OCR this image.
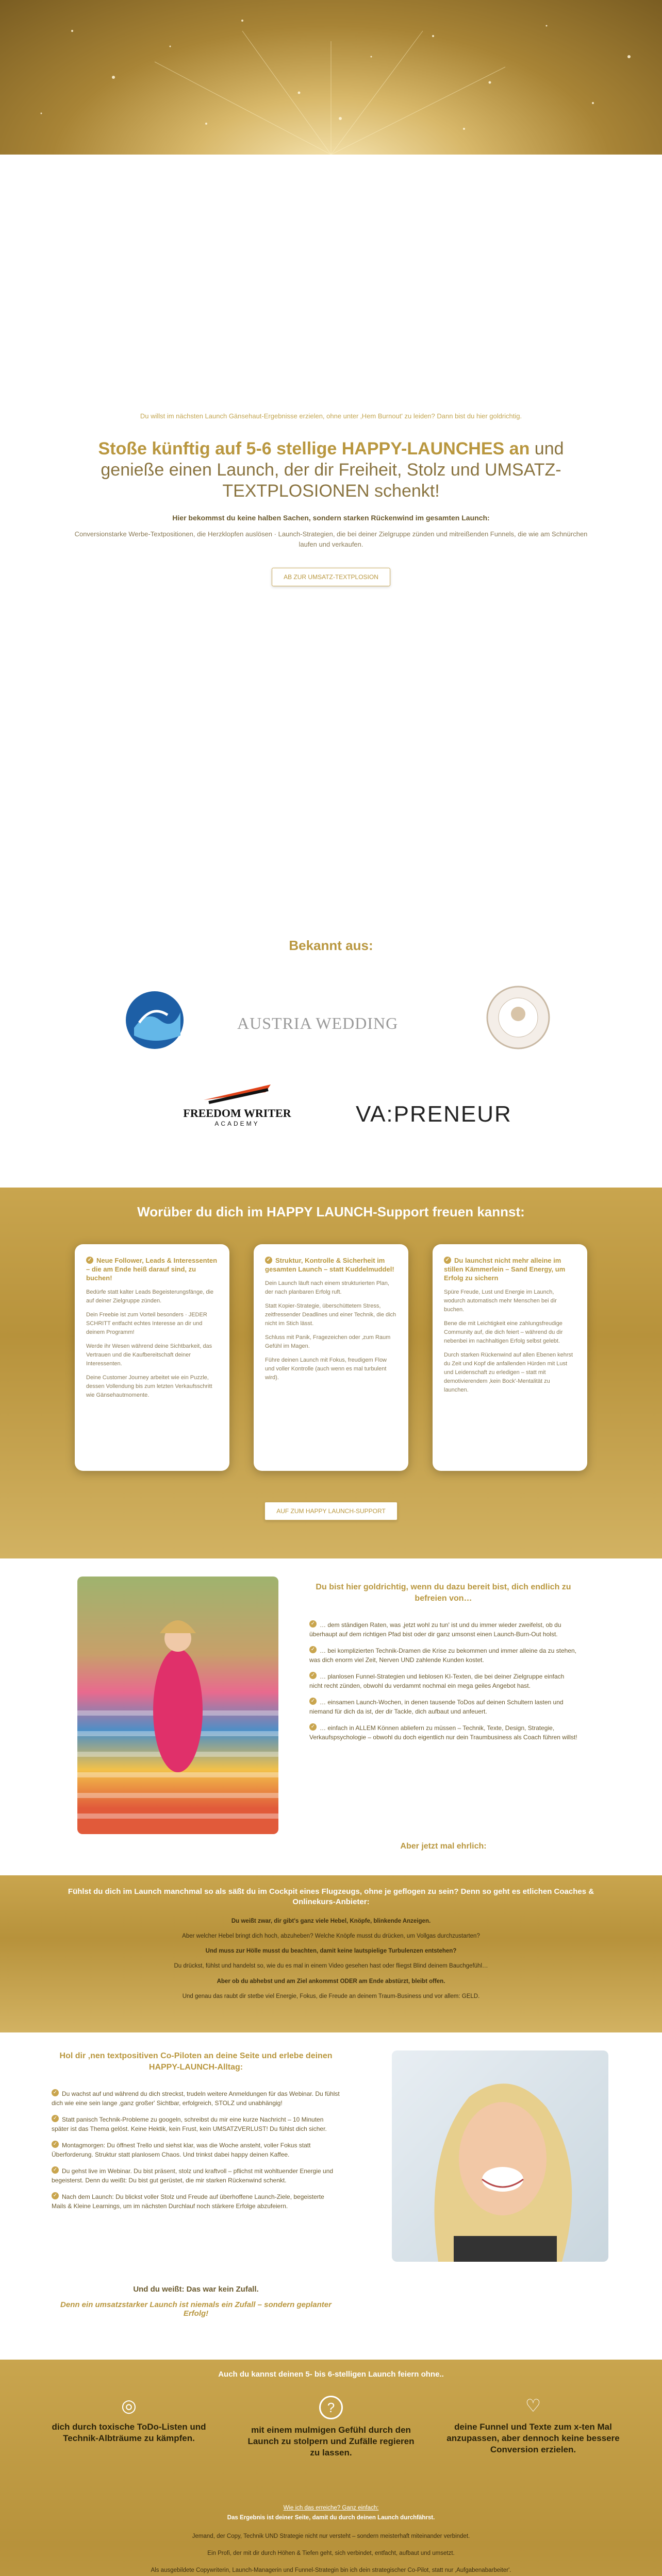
Du willst im nächsten Launch Gänsehaut-Ergebnisse erzielen, ohne unter ‚Hem Burnout' zu leiden? Dann bist du hier goldrichtig.

Stoße künftig auf 5-6 stellige HAPPY-LAUNCHES an und genieße einen Launch, der dir Freiheit, Stolz und UMSATZ-TEXTPLOSIONEN schenkt!

Hier bekommst du keine halben Sachen, sondern starken Rückenwind im gesamten Launch:

Conversionstarke Werbe-Textpositionen, die Herzklopfen auslösen · Launch-Strategien, die bei deiner Zielgruppe zünden und mitreißenden Funnels, die wie am Schnürchen laufen und verkaufen.

AB ZUR UMSATZ-TEXTPLOSION
Bekannt aus:
AUSTRIA WEDDING
FREEDOM WRITER
ACADEMY	VA:PRENEUR
Worüber du dich im HAPPY LAUNCH-Support freuen kannst:
✓ Neue Follower, Leads & Interessenten – die am Ende heiß darauf sind, zu buchen!

Bedürfe statt kalter Leads Begeisterungsfänge, die auf deiner Zielgruppe zünden.

Dein Freebie ist zum Vorteil besonders · JEDER SCHRITT entfacht echtes Interesse an dir und deinem Programm!

Werde ihr Wesen während deine Sichtbarkeit, das Vertrauen und die Kaufbereitschaft deiner Interessenten.

Deine Customer Journey arbeitet wie ein Puzzle, dessen Vollendung bis zum letzten Verkaufsschritt wie Gänsehautmomente.

✓ Struktur, Kontrolle & Sicherheit im gesamten Launch – statt Kuddelmuddel!

Dein Launch läuft nach einem strukturierten Plan, der nach planbaren Erfolg ruft.

Statt Kopier-Strategie, überschüttetem Stress, zeitfressender Deadlines und einer Technik, die dich nicht im Stich lässt.

Schluss mit Panik, Fragezeichen oder ‚zum Raum Gefühl im Magen.

Führe deinen Launch mit Fokus, freudigem Flow und voller Kontrolle (auch wenn es mal turbulent wird).

✓ Du launchst nicht mehr alleine im stillen Kämmerlein – Sand Energy, um Erfolg zu sichern

Spüre Freude, Lust und Energie im Launch, wodurch automatisch mehr Menschen bei dir buchen.

Bene die mit Leichtigkeit eine zahlungsfreudige Community auf, die dich feiert – während du dir nebenbei im nachhaltigen Erfolg selbst gelebt.

Durch starken Rückenwind auf allen Ebenen kehrst du Zeit und Kopf die anfallenden Hürden mit Lust und Leidenschaft zu erledigen – statt mit demotivierendem ‚kein Bock'-Mentalität zu launchen.

AUF ZUM HAPPY LAUNCH-SUPPORT
Du bist hier goldrichtig, wenn du dazu bereit bist, dich endlich zu befreien von…

✓ … dem ständigen Raten, was ‚jetzt wohl zu tun' ist und du immer wieder zweifelst, ob du überhaupt auf dem richtigen Pfad bist oder dir ganz umsonst einen Launch-Burn-Out holst.

✓ … bei komplizierten Technik-Dramen die Krise zu bekommen und immer alleine da zu stehen, was dich enorm viel Zeit, Nerven UND zahlende Kunden kostet.

✓ … planlosen Funnel-Strategien und lieblosen KI-Texten, die bei deiner Zielgruppe einfach nicht recht zünden, obwohl du verdammt nochmal ein mega geiles Angebot hast.

✓ … einsamen Launch-Wochen, in denen tausende ToDos auf deinen Schultern lasten und niemand für dich da ist, der dir Tackle, dich aufbaut und anfeuert.

✓ … einfach in ALLEM Können abliefern zu müssen – Technik, Texte, Design, Strategie, Verkaufspsychologie – obwohl du doch eigentlich nur dein Traumbusiness als Coach führen willst!

Aber jetzt mal ehrlich:

Fühlst du dich im Launch manchmal so als säßt du im Cockpit eines Flugzeugs, ohne je geflogen zu sein? Denn so geht es etlichen Coaches & Onlinekurs-Anbieter:

Du weißt zwar, dir gibt's ganz viele Hebel, Knöpfe, blinkende Anzeigen.

Aber welcher Hebel bringt dich hoch, abzuheben? Welche Knöpfe musst du drücken, um Vollgas durchzustarten?

Und muss zur Hölle musst du beachten, damit keine lautspielige Turbulenzen entstehen?

Du drückst, fühlst und handelst so, wie du es mal in einem Video gesehen hast oder fliegst Blind deinem Bauchgefühl…

Aber ob du abhebst und am Ziel ankommst ODER am Ende abstürzt, bleibt offen.

Und genau das raubt dir stetbe viel Energie, Fokus, die Freude an deinem Traum-Business und vor allem: GELD.

Hol dir ‚nen textpositiven Co-Piloten an deine Seite und erlebe deinen HAPPY-LAUNCH-Alltag:

✓ Du wachst auf und während du dich streckst, trudeln weitere Anmeldungen für das Webinar. Du fühlst dich wie eine sein lange ‚ganz großer' Sichtbar, erfolgreich, STOLZ und unabhängig!

✓ Statt panisch Technik-Probleme zu googeln, schreibst du mir eine kurze Nachricht – 10 Minuten später ist das Thema gelöst. Keine Hektik, kein Frust, kein UMSATZVERLUST! Du fühlst dich sicher.

✓ Montagmorgen: Du öffnest Trello und siehst klar, was die Woche ansteht, voller Fokus statt Überforderung. Struktur statt planlosem Chaos. Und trinkst dabei happy deinen Kaffee.

✓ Du gehst live im Webinar. Du bist präsent, stolz und kraftvoll – pflichst mit wohltuender Energie und begeisterst. Denn du weißt: Du bist gut gerüstet, die mir starken Rückenwind schenkt.

✓ Nach dem Launch: Du blickst voller Stolz und Freude auf überhoffene Launch-Ziele, begeisterte Mails & Kleine Learnings, um im nächsten Durchlauf noch stärkere Erfolge abzufeiern.

Und du weißt: Das war kein Zufall.

Denn ein umsatzstarker Launch ist niemals ein Zufall – sondern geplanter Erfolg!

Auch du kannst deinen 5- bis 6-stelligen Launch feiern ohne..
◎

dich durch toxische ToDo-Listen und Technik-Albträume zu kämpfen.

?

mit einem mulmigen Gefühl durch den Launch zu stolpern und Zufälle regieren zu lassen.

♡

deine Funnel und Texte zum x-ten Mal anzupassen, aber dennoch keine bessere Conversion erzielen.

Wie ich das erreiche? Ganz einfach:

Das Ergebnis ist deiner Seite, damit du durch deinen Launch durchfährst.

Jemand, der Copy, Technik UND Strategie nicht nur versteht – sondern meisterhaft miteinander verbindet.

Ein Profi, der mit dir durch Höhen & Tiefen geht, sich verbindet, entfacht, aufbaut und umsetzt.

Als ausgebildete Copywriterin, Launch-Managerin und Funnel-Strategin bin ich dein strategischer Co-Pilot, statt nur ‚Aufgabenabarbeiter'.
